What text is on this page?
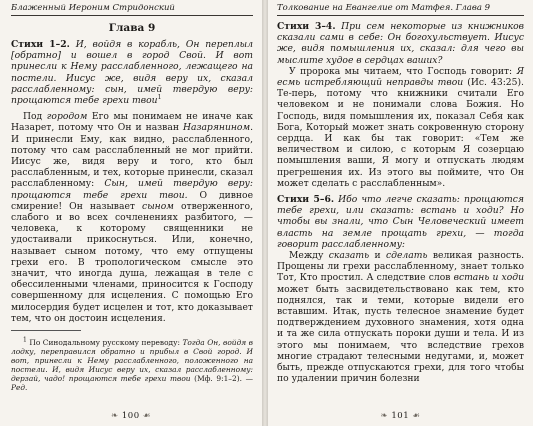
Блаженный Иероним Стридонский
Глава 9

Стихи 1–2. И, войдя в корабль, Он переплыл [обратно] и вошел в город Свой. И вот принесли к Нему расслабленного, лежащего на постели. Иисус же, видя веру их, сказал расслабленному: сын, имей твердую веру: прощаются тебе грехи твои$^1$

Под городом Его мы понимаем не иначе как Назарет, потому что Он и назван Назарянином. И принесли Ему, как видно, расслабленного, потому что сам расслабленный не мог прийти. Иисус же, видя веру и того, кто был расслабленным, и тех, которые принесли, сказал расслабленному: Сын, имей твердую веру: прощаются тебе грехи твои. О дивное смирение! Он называет сыном отверженного, слабого и во всех сочленениях разбитого, — человека, к которому священники не удостаивали прикоснуться. Или, конечно, называет сыном потому, что ему отпущены грехи его. В тропологическом смысле это значит, что иногда душа, лежащая в теле с обессиленными членами, приносится к Господу совершенному для исцеления. С помощью Его милосердия будет исцелен и тот, кто доказывает тем, что он достоин исцеления.

$^1$ По Синодальному русскому переводу: Тогда Он, войдя в лодку, переправился обратно и прибыл в Свой город. И вот, принесли к Нему расслабленного, положенного на постели. И, видя Иисус веру их, сказал расслабленному: дерзай, чадо! прощаются тебе грехи твои (Мф. 9:1–2). — Ред.

❧ 100 ☙
Толкование на Евангелие от Матфея. Глава 9

Стихи 3–4. При сем некоторые из книжников сказали сами в себе: Он богохульствует. Иисус же, видя помышления их, сказал: для чего вы мыслите худое в сердцах ваших?

У пророка мы читаем, что Господь говорит: Я есмь истребляющий неправды твои (Ис. 43:25). Те-перь, потому что книжники считали Его человеком и не понимали слова Божия. Но Господь, видя помышления их, показал Себя как Бога, Который может знать сокровенную сторону сердца. И как бы так говорит: «Тем же величеством и силою, с которым Я созерцаю помышления ваши, Я могу и отпускать людям прегрешения их. Из этого вы поймите, что Он может сделать с расслабленным».

Стихи 5–6. Ибо что легче сказать: прощаются тебе грехи, или сказать: встань и ходи? Но чтобы вы знали, что Сын Человеческий имеет власть на земле прощать грехи, — тогда говорит расслабленному:

Между сказать и сделать великая разность. Прощены ли грехи расслабленному, знает только Тот, Кто простил. А следствие слов встань и ходи может быть засвидетельствовано как тем, кто поднялся, так и теми, которые видели его вставшим. Итак, пусть телесное знамение будет подтверждением духовного знамения, хотя одна и та же сила отпускать пороки души и тела. И из этого мы понимаем, что вследствие грехов многие страдают телесными недугами, и, может быть, прежде отпускаются грехи, для того чтобы по удалении причин болезни

❧ 101 ☙
